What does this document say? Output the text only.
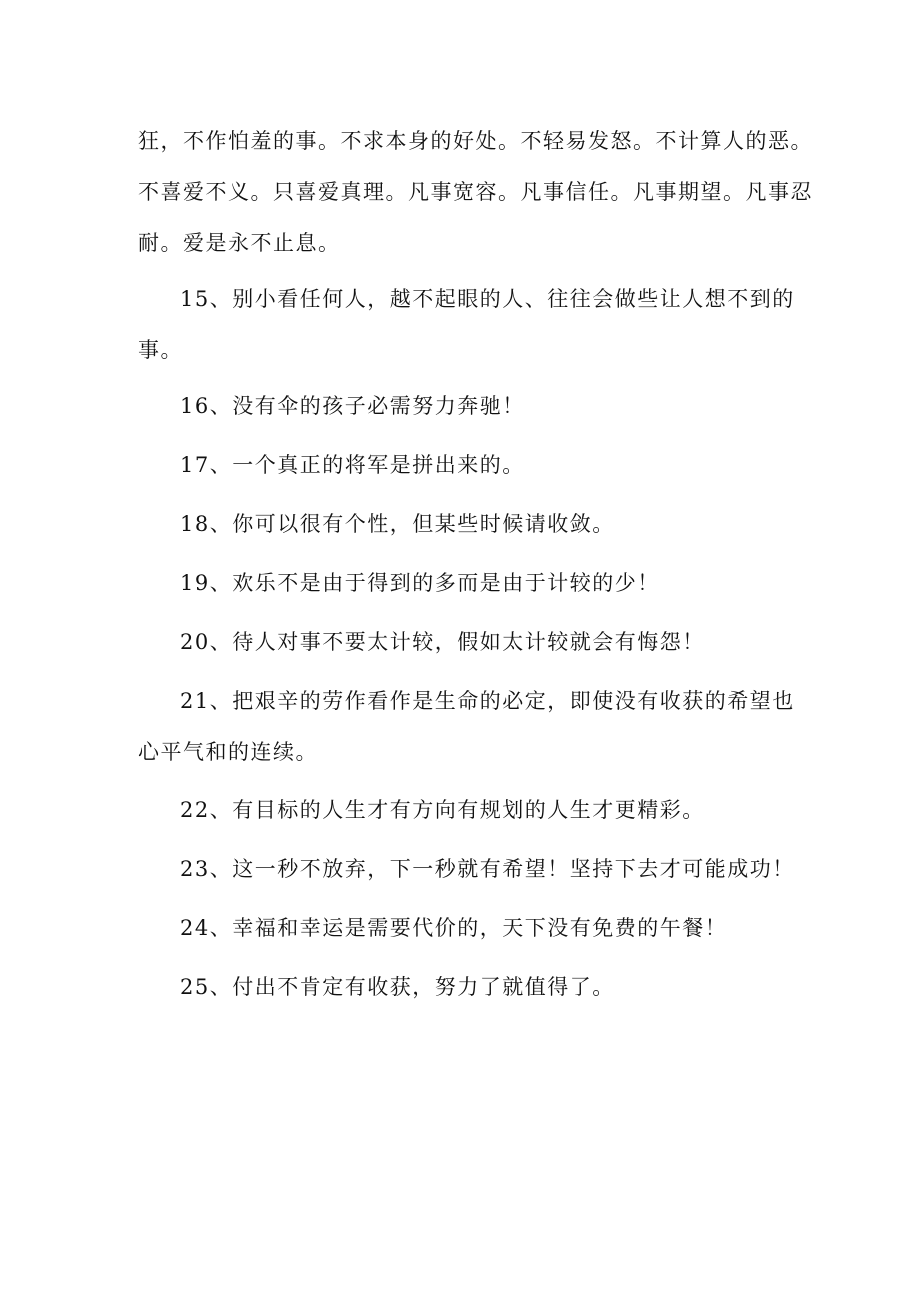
狂，不作怕羞的事。不求本身的好处。不轻易发怒。不计算人的恶。
不喜爱不义。只喜爱真理。凡事宽容。凡事信任。凡事期望。凡事忍
耐。爱是永不止息。
15、别小看任何人，越不起眼的人、往往会做些让人想不到的
事。
16、没有伞的孩子必需努力奔驰！
17、一个真正的将军是拼出来的。
18、你可以很有个性，但某些时候请收敛。
19、欢乐不是由于得到的多而是由于计较的少！
20、待人对事不要太计较，假如太计较就会有悔怨！
21、把艰辛的劳作看作是生命的必定，即使没有收获的希望也
心平气和的连续。
22、有目标的人生才有方向有规划的人生才更精彩。
23、这一秒不放弃，下一秒就有希望！坚持下去才可能成功！
24、幸福和幸运是需要代价的，天下没有免费的午餐！
25、付出不肯定有收获，努力了就值得了。
